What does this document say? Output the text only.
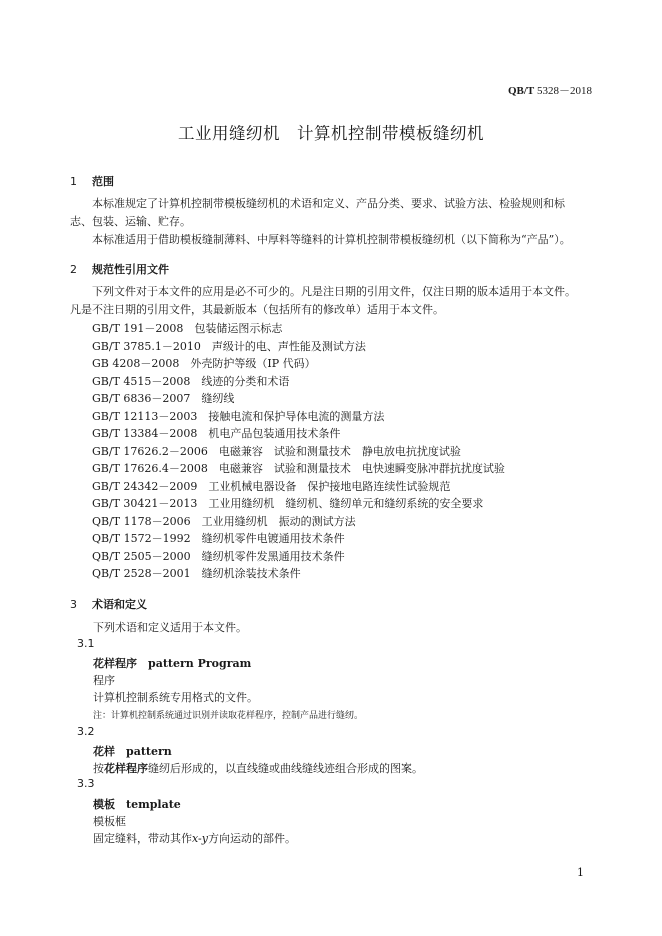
QB/T 5328－2018
工业用缝纫机　计算机控制带模板缝纫机
1 范围
本标准规定了计算机控制带模板缝纫机的术语和定义、产品分类、要求、试验方法、检验规则和标
志、包装、运输、贮存。
本标准适用于借助模板缝制薄料、中厚料等缝料的计算机控制带模板缝纫机（以下简称为“产品”）。
2 规范性引用文件
下列文件对于本文件的应用是必不可少的。凡是注日期的引用文件，仅注日期的版本适用于本文件。
凡是不注日期的引用文件，其最新版本（包括所有的修改单）适用于本文件。
GB/T 191－2008　包装储运图示标志
GB/T 3785.1－2010　声级计的电、声性能及测试方法
GB 4208－2008　外壳防护等级（IP 代码）
GB/T 4515－2008　线迹的分类和术语
GB/T 6836－2007　缝纫线
GB/T 12113－2003　接触电流和保护导体电流的测量方法
GB/T 13384－2008　机电产品包装通用技术条件
GB/T 17626.2－2006　电磁兼容　试验和测量技术　静电放电抗扰度试验
GB/T 17626.4－2008　电磁兼容　试验和测量技术　电快速瞬变脉冲群抗扰度试验
GB/T 24342－2009　工业机械电器设备　保护接地电路连续性试验规范
GB/T 30421－2013　工业用缝纫机　缝纫机、缝纫单元和缝纫系统的安全要求
QB/T 1178－2006　工业用缝纫机　振动的测试方法
QB/T 1572－1992　缝纫机零件电镀通用技术条件
QB/T 2505－2000　缝纫机零件发黑通用技术条件
QB/T 2528－2001　缝纫机涂装技术条件
3 术语和定义
下列术语和定义适用于本文件。
3.1
花样程序　pattern Program
程序
计算机控制系统专用格式的文件。
注：计算机控制系统通过识别并读取花样程序，控制产品进行缝纫。
3.2
花样　pattern
按花样程序缝纫后形成的，以直线缝或曲线缝线迹组合形成的图案。
3.3
模板　template
模板框
固定缝料，带动其作x-y方向运动的部件。
1
